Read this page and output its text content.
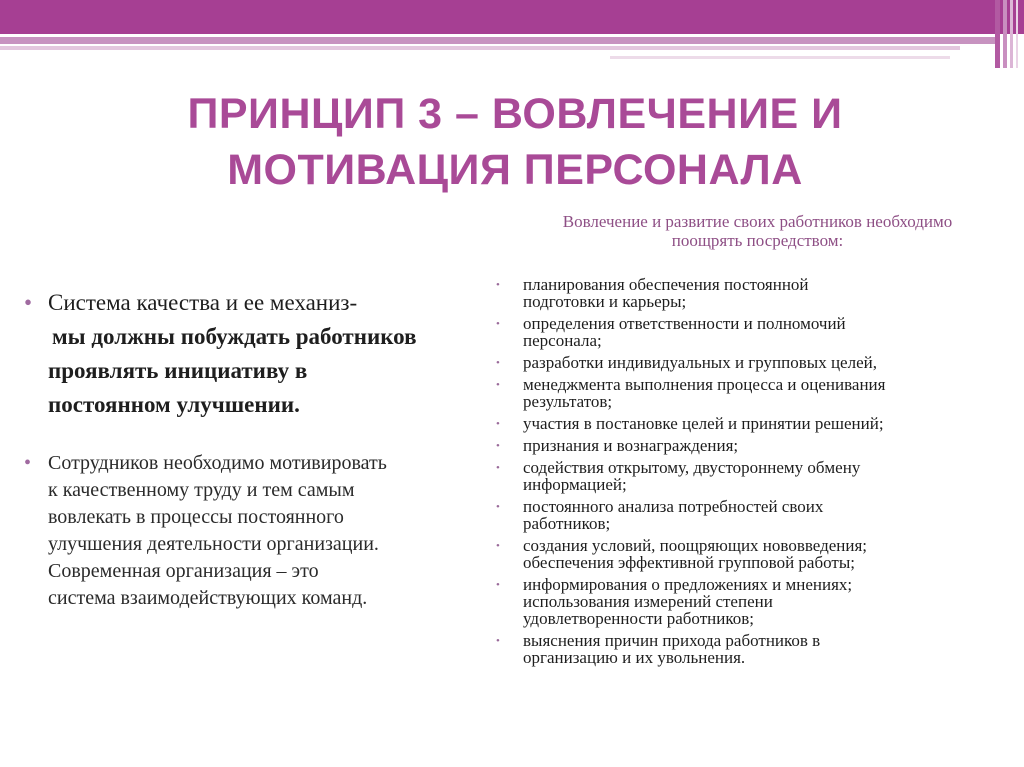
ПРИНЦИП 3 – ВОВЛЕЧЕНИЕ И
МОТИВАЦИЯ ПЕРСОНАЛА
Вовлечение и развитие своих работников необходимо
поощрять посредством:
• Система качества и ее механиз-
мы должны побуждать работников
проявлять инициативу в
постоянном улучшении.
• Сотрудников необходимо мотивировать
к качественному труду и тем самым
вовлекать в процессы постоянного
улучшения деятельности организации.
Современная организация – это
система взаимодействующих команд.
• планирования обеспечения постоянной
подготовки и карьеры;
• определения ответственности и полномочий
персонала;
• разработки индивидуальных и групповых целей,
• менеджмента выполнения процесса и оценивания
результатов;
• участия в постановке целей и принятии решений;
• признания и вознаграждения;
• содействия открытому, двустороннему обмену
информацией;
• постоянного анализа потребностей своих
работников;
• создания условий, поощряющих нововведения;
обеспечения эффективной групповой работы;
• информирования о предложениях и мнениях;
использования измерений степени
удовлетворенности работников;
• выяснения причин прихода работников в
организацию и их увольнения.
